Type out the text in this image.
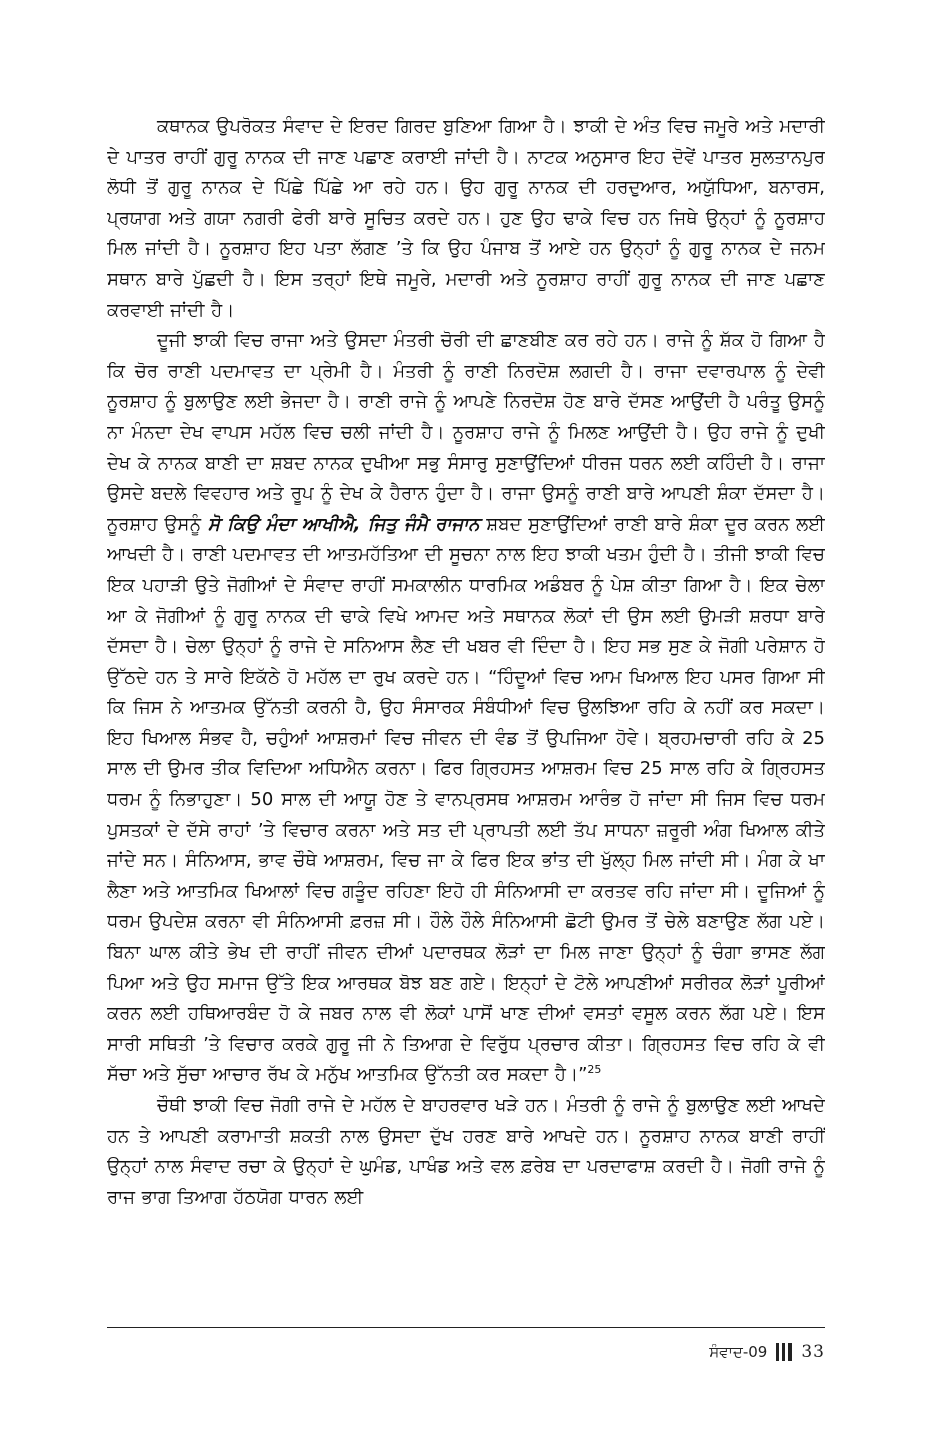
ਕਥਾਨਕ ਉਪਰੋਕਤ ਸੰਵਾਦ ਦੇ ਇਰਦ ਗਿਰਦ ਬੁਣਿਆ ਗਿਆ ਹੈ। ਝਾਕੀ ਦੇ ਅੰਤ ਵਿਚ ਜਮੂਰੇ ਅਤੇ ਮਦਾਰੀ ਦੇ ਪਾਤਰ ਰਾਹੀਂ ਗੁਰੂ ਨਾਨਕ ਦੀ ਜਾਣ ਪਛਾਣ ਕਰਾਈ ਜਾਂਦੀ ਹੈ। ਨਾਟਕ ਅਨੁਸਾਰ ਇਹ ਦੋਵੇਂ ਪਾਤਰ ਸੁਲਤਾਨਪੁਰ ਲੋਧੀ ਤੋਂ ਗੁਰੂ ਨਾਨਕ ਦੇ ਪਿੱਛੇ ਪਿੱਛੇ ਆ ਰਹੇ ਹਨ। ਉਹ ਗੁਰੂ ਨਾਨਕ ਦੀ ਹਰਦੁਆਰ, ਅਯੁੱਧਿਆ, ਬਨਾਰਸ, ਪ੍ਰਯਾਗ ਅਤੇ ਗਯਾ ਨਗਰੀ ਫੇਰੀ ਬਾਰੇ ਸੂਚਿਤ ਕਰਦੇ ਹਨ। ਹੁਣ ਉਹ ਢਾਕੇ ਵਿਚ ਹਨ ਜਿਥੇ ਉਨ੍ਹਾਂ ਨੂੰ ਨੂਰਸ਼ਾਹ ਮਿਲ ਜਾਂਦੀ ਹੈ। ਨੂਰਸ਼ਾਹ ਇਹ ਪਤਾ ਲੱਗਣ ’ਤੇ ਕਿ ਉਹ ਪੰਜਾਬ ਤੋਂ ਆਏ ਹਨ ਉਨ੍ਹਾਂ ਨੂੰ ਗੁਰੂ ਨਾਨਕ ਦੇ ਜਨਮ ਸਥਾਨ ਬਾਰੇ ਪੁੱਛਦੀ ਹੈ। ਇਸ ਤਰ੍ਹਾਂ ਇਥੇ ਜਮੂਰੇ, ਮਦਾਰੀ ਅਤੇ ਨੂਰਸ਼ਾਹ ਰਾਹੀਂ ਗੁਰੂ ਨਾਨਕ ਦੀ ਜਾਣ ਪਛਾਣ ਕਰਵਾਈ ਜਾਂਦੀ ਹੈ।

ਦੂਜੀ ਝਾਕੀ ਵਿਚ ਰਾਜਾ ਅਤੇ ਉਸਦਾ ਮੰਤਰੀ ਚੋਰੀ ਦੀ ਛਾਣਬੀਣ ਕਰ ਰਹੇ ਹਨ। ਰਾਜੇ ਨੂੰ ਸ਼ੱਕ ਹੋ ਗਿਆ ਹੈ ਕਿ ਚੋਰ ਰਾਣੀ ਪਦਮਾਵਤ ਦਾ ਪ੍ਰੇਮੀ ਹੈ। ਮੰਤਰੀ ਨੂੰ ਰਾਣੀ ਨਿਰਦੋਸ਼ ਲਗਦੀ ਹੈ। ਰਾਜਾ ਦਵਾਰਪਾਲ ਨੂੰ ਦੇਵੀ ਨੂਰਸ਼ਾਹ ਨੂੰ ਬੁਲਾਉਣ ਲਈ ਭੇਜਦਾ ਹੈ। ਰਾਣੀ ਰਾਜੇ ਨੂੰ ਆਪਣੇ ਨਿਰਦੋਸ਼ ਹੋਣ ਬਾਰੇ ਦੱਸਣ ਆਉਂਦੀ ਹੈ ਪਰੰਤੂ ਉਸਨੂੰ ਨਾ ਮੰਨਦਾ ਦੇਖ ਵਾਪਸ ਮਹੱਲ ਵਿਚ ਚਲੀ ਜਾਂਦੀ ਹੈ। ਨੂਰਸ਼ਾਹ ਰਾਜੇ ਨੂੰ ਮਿਲਣ ਆਉਂਦੀ ਹੈ। ਉਹ ਰਾਜੇ ਨੂੰ ਦੁਖੀ ਦੇਖ ਕੇ ਨਾਨਕ ਬਾਣੀ ਦਾ ਸ਼ਬਦ ਨਾਨਕ ਦੁਖੀਆ ਸਭੁ ਸੰਸਾਰੁ ਸੁਣਾਉਂਦਿਆਂ ਧੀਰਜ ਧਰਨ ਲਈ ਕਹਿੰਦੀ ਹੈ। ਰਾਜਾ ਉਸਦੇ ਬਦਲੇ ਵਿਵਹਾਰ ਅਤੇ ਰੂਪ ਨੂੰ ਦੇਖ ਕੇ ਹੈਰਾਨ ਹੁੰਦਾ ਹੈ। ਰਾਜਾ ਉਸਨੂੰ ਰਾਣੀ ਬਾਰੇ ਆਪਣੀ ਸ਼ੰਕਾ ਦੱਸਦਾ ਹੈ। ਨੂਰਸ਼ਾਹ ਉਸਨੂੰ ਸੋ ਕਿਉ ਮੰਦਾ ਆਖੀਐ, ਜਿਤੁ ਜੰਮੈ ਰਾਜਾਨ ਸ਼ਬਦ ਸੁਣਾਉਂਦਿਆਂ ਰਾਣੀ ਬਾਰੇ ਸ਼ੰਕਾ ਦੂਰ ਕਰਨ ਲਈ ਆਖਦੀ ਹੈ। ਰਾਣੀ ਪਦਮਾਵਤ ਦੀ ਆਤਮਹੱਤਿਆ ਦੀ ਸੂਚਨਾ ਨਾਲ ਇਹ ਝਾਕੀ ਖਤਮ ਹੁੰਦੀ ਹੈ। ਤੀਜੀ ਝਾਕੀ ਵਿਚ ਇਕ ਪਹਾੜੀ ਉਤੇ ਜੋਗੀਆਂ ਦੇ ਸੰਵਾਦ ਰਾਹੀਂ ਸਮਕਾਲੀਨ ਧਾਰਮਿਕ ਅਡੰਬਰ ਨੂੰ ਪੇਸ਼ ਕੀਤਾ ਗਿਆ ਹੈ। ਇਕ ਚੇਲਾ ਆ ਕੇ ਜੋਗੀਆਂ ਨੂੰ ਗੁਰੂ ਨਾਨਕ ਦੀ ਢਾਕੇ ਵਿਖੇ ਆਮਦ ਅਤੇ ਸਥਾਨਕ ਲੋਕਾਂ ਦੀ ਉਸ ਲਈ ਉਮੜੀ ਸ਼ਰਧਾ ਬਾਰੇ ਦੱਸਦਾ ਹੈ। ਚੇਲਾ ਉਨ੍ਹਾਂ ਨੂੰ ਰਾਜੇ ਦੇ ਸਨਿਆਸ ਲੈਣ ਦੀ ਖਬਰ ਵੀ ਦਿੰਦਾ ਹੈ। ਇਹ ਸਭ ਸੁਣ ਕੇ ਜੋਗੀ ਪਰੇਸ਼ਾਨ ਹੋ ਉੱਠਦੇ ਹਨ ਤੇ ਸਾਰੇ ਇਕੱਠੇ ਹੋ ਮਹੱਲ ਦਾ ਰੁਖ ਕਰਦੇ ਹਨ। “ਹਿੰਦੂਆਂ ਵਿਚ ਆਮ ਖਿਆਲ ਇਹ ਪਸਰ ਗਿਆ ਸੀ ਕਿ ਜਿਸ ਨੇ ਆਤਮਕ ਉੱਨਤੀ ਕਰਨੀ ਹੈ, ਉਹ ਸੰਸਾਰਕ ਸੰਬੰਧੀਆਂ ਵਿਚ ਉਲਝਿਆ ਰਹਿ ਕੇ ਨਹੀਂ ਕਰ ਸਕਦਾ। ਇਹ ਖਿਆਲ ਸੰਭਵ ਹੈ, ਚਹੁੰਆਂ ਆਸ਼ਰਮਾਂ ਵਿਚ ਜੀਵਨ ਦੀ ਵੰਡ ਤੋਂ ਉਪਜਿਆ ਹੋਵੇ। ਬ੍ਰਹਮਚਾਰੀ ਰਹਿ ਕੇ 25 ਸਾਲ ਦੀ ਉਮਰ ਤੀਕ ਵਿਦਿਆ ਅਧਿਐਨ ਕਰਨਾ। ਫਿਰ ਗ੍ਰਿਹਸਤ ਆਸ਼ਰਮ ਵਿਚ 25 ਸਾਲ ਰਹਿ ਕੇ ਗ੍ਰਿਹਸਤ ਧਰਮ ਨੂੰ ਨਿਭਾਹੁਣਾ। 50 ਸਾਲ ਦੀ ਆਯੂ ਹੋਣ ਤੇ ਵਾਨਪ੍ਰਸਥ ਆਸ਼ਰਮ ਆਰੰਭ ਹੋ ਜਾਂਦਾ ਸੀ ਜਿਸ ਵਿਚ ਧਰਮ ਪੁਸਤਕਾਂ ਦੇ ਦੱਸੇ ਰਾਹਾਂ ’ਤੇ ਵਿਚਾਰ ਕਰਨਾ ਅਤੇ ਸਤ ਦੀ ਪ੍ਰਾਪਤੀ ਲਈ ਤੱਪ ਸਾਧਨਾ ਜ਼ਰੂਰੀ ਅੰਗ ਖਿਆਲ ਕੀਤੇ ਜਾਂਦੇ ਸਨ। ਸੰਨਿਆਸ, ਭਾਵ ਚੌਥੇ ਆਸ਼ਰਮ, ਵਿਚ ਜਾ ਕੇ ਫਿਰ ਇਕ ਭਾਂਤ ਦੀ ਖੁੱਲ੍ਹ ਮਿਲ ਜਾਂਦੀ ਸੀ। ਮੰਗ ਕੇ ਖਾ ਲੈਣਾ ਅਤੇ ਆਤਮਿਕ ਖਿਆਲਾਂ ਵਿਚ ਗੜੂੰਦ ਰਹਿਣਾ ਇਹੋ ਹੀ ਸੰਨਿਆਸੀ ਦਾ ਕਰਤਵ ਰਹਿ ਜਾਂਦਾ ਸੀ। ਦੂਜਿਆਂ ਨੂੰ ਧਰਮ ਉਪਦੇਸ਼ ਕਰਨਾ ਵੀ ਸੰਨਿਆਸੀ ਫ਼ਰਜ਼ ਸੀ। ਹੌਲੇ ਹੌਲੇ ਸੰਨਿਆਸੀ ਛੋਟੀ ਉਮਰ ਤੋਂ ਚੇਲੇ ਬਣਾਉਣ ਲੱਗ ਪਏ। ਬਿਨਾ ਘਾਲ ਕੀਤੇ ਭੇਖ ਦੀ ਰਾਹੀਂ ਜੀਵਨ ਦੀਆਂ ਪਦਾਰਥਕ ਲੋੜਾਂ ਦਾ ਮਿਲ ਜਾਣਾ ਉਨ੍ਹਾਂ ਨੂੰ ਚੰਗਾ ਭਾਸਣ ਲੱਗ ਪਿਆ ਅਤੇ ਉਹ ਸਮਾਜ ਉੱਤੇ ਇਕ ਆਰਥਕ ਬੋਝ ਬਣ ਗਏ। ਇਨ੍ਹਾਂ ਦੇ ਟੋਲੇ ਆਪਣੀਆਂ ਸਰੀਰਕ ਲੋੜਾਂ ਪੂਰੀਆਂ ਕਰਨ ਲਈ ਹਥਿਆਰਬੰਦ ਹੋ ਕੇ ਜਬਰ ਨਾਲ ਵੀ ਲੋਕਾਂ ਪਾਸੋਂ ਖਾਣ ਦੀਆਂ ਵਸਤਾਂ ਵਸੂਲ ਕਰਨ ਲੱਗ ਪਏ। ਇਸ ਸਾਰੀ ਸਥਿਤੀ ’ਤੇ ਵਿਚਾਰ ਕਰਕੇ ਗੁਰੂ ਜੀ ਨੇ ਤਿਆਗ ਦੇ ਵਿਰੁੱਧ ਪ੍ਰਚਾਰ ਕੀਤਾ। ਗ੍ਰਿਹਸਤ ਵਿਚ ਰਹਿ ਕੇ ਵੀ ਸੱਚਾ ਅਤੇ ਸੁੱਚਾ ਆਚਾਰ ਰੱਖ ਕੇ ਮਨੁੱਖ ਆਤਮਿਕ ਉੱਨਤੀ ਕਰ ਸਕਦਾ ਹੈ।”$^{25}$

ਚੌਥੀ ਝਾਕੀ ਵਿਚ ਜੋਗੀ ਰਾਜੇ ਦੇ ਮਹੱਲ ਦੇ ਬਾਹਰਵਾਰ ਖੜੇ ਹਨ। ਮੰਤਰੀ ਨੂੰ ਰਾਜੇ ਨੂੰ ਬੁਲਾਉਣ ਲਈ ਆਖਦੇ ਹਨ ਤੇ ਆਪਣੀ ਕਰਾਮਾਤੀ ਸ਼ਕਤੀ ਨਾਲ ਉਸਦਾ ਦੁੱਖ ਹਰਣ ਬਾਰੇ ਆਖਦੇ ਹਨ। ਨੂਰਸ਼ਾਹ ਨਾਨਕ ਬਾਣੀ ਰਾਹੀਂ ਉਨ੍ਹਾਂ ਨਾਲ ਸੰਵਾਦ ਰਚਾ ਕੇ ਉਨ੍ਹਾਂ ਦੇ ਘੁਮੰਡ, ਪਾਖੰਡ ਅਤੇ ਵਲ ਫ਼ਰੇਬ ਦਾ ਪਰਦਾਫਾਸ਼ ਕਰਦੀ ਹੈ। ਜੋਗੀ ਰਾਜੇ ਨੂੰ ਰਾਜ ਭਾਗ ਤਿਆਗ ਹੱਠਯੋਗ ਧਾਰਨ ਲਈ

ਸੰਵਾਦ-09 33
